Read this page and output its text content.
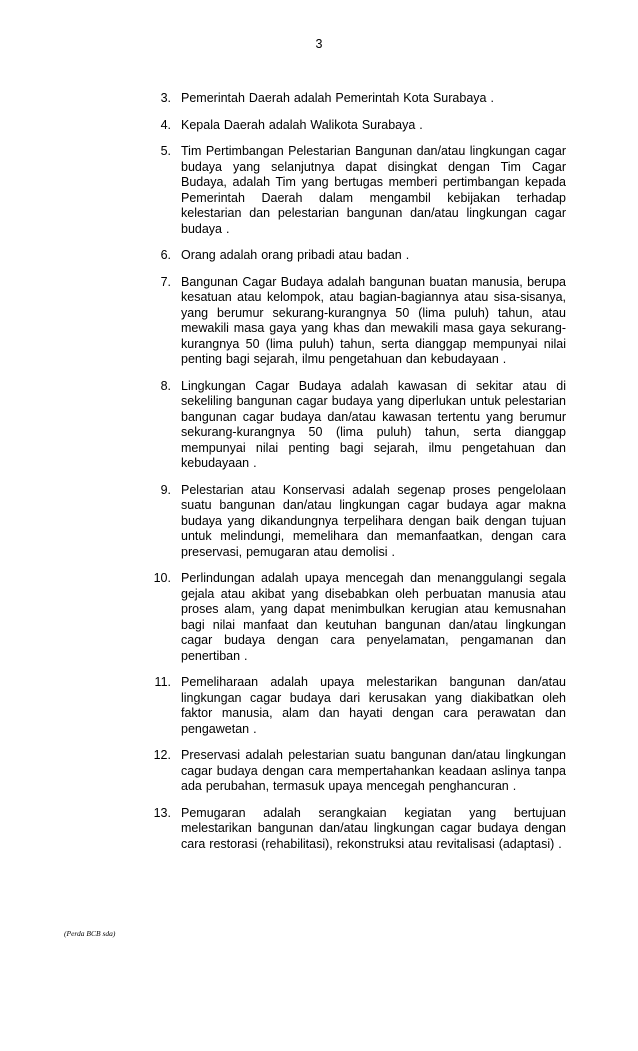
3
3. Pemerintah Daerah adalah Pemerintah Kota Surabaya .
4. Kepala Daerah adalah Walikota Surabaya .
5. Tim Pertimbangan Pelestarian Bangunan dan/atau lingkungan cagar budaya yang selanjutnya dapat disingkat dengan Tim Cagar Budaya, adalah Tim yang bertugas memberi pertimbangan kepada Pemerintah Daerah dalam mengambil kebijakan terhadap kelestarian dan pelestarian bangunan dan/atau lingkungan cagar budaya .
6. Orang adalah orang pribadi atau badan .
7. Bangunan Cagar Budaya adalah bangunan buatan manusia, berupa kesatuan atau kelompok, atau bagian-bagiannya atau sisa-sisanya, yang berumur sekurang-kurangnya 50 (lima puluh) tahun, atau mewakili masa gaya yang khas dan mewakili masa gaya sekurang-kurangnya 50 (lima puluh) tahun, serta dianggap mempunyai nilai penting bagi sejarah, ilmu pengetahuan dan kebudayaan .
8. Lingkungan Cagar Budaya adalah kawasan di sekitar atau di sekeliling bangunan cagar budaya yang diperlukan untuk pelestarian bangunan cagar budaya dan/atau kawasan tertentu yang berumur sekurang-kurangnya 50 (lima puluh) tahun, serta dianggap mempunyai nilai penting bagi sejarah, ilmu pengetahuan dan kebudayaan .
9. Pelestarian atau Konservasi adalah segenap proses pengelolaan suatu bangunan dan/atau lingkungan cagar budaya agar makna budaya yang dikandungnya terpelihara dengan baik dengan tujuan untuk melindungi, memelihara dan memanfaatkan, dengan cara preservasi, pemugaran atau demolisi .
10. Perlindungan adalah upaya mencegah dan menanggulangi segala gejala atau akibat yang disebabkan oleh perbuatan manusia atau proses alam, yang dapat menimbulkan kerugian atau kemusnahan bagi nilai manfaat dan keutuhan bangunan dan/atau lingkungan cagar budaya dengan cara penyelamatan, pengamanan dan penertiban .
11. Pemeliharaan adalah upaya melestarikan bangunan dan/atau lingkungan cagar budaya dari kerusakan yang diakibatkan oleh faktor manusia, alam dan hayati dengan cara perawatan dan pengawetan .
12. Preservasi adalah pelestarian suatu bangunan dan/atau lingkungan cagar budaya dengan cara mempertahankan keadaan aslinya tanpa ada perubahan, termasuk upaya mencegah penghancuran .
13. Pemugaran adalah serangkaian kegiatan yang bertujuan melestarikan bangunan dan/atau lingkungan cagar budaya dengan cara restorasi (rehabilitasi), rekonstruksi atau revitalisasi (adaptasi) .
(Perda BCB sda)
